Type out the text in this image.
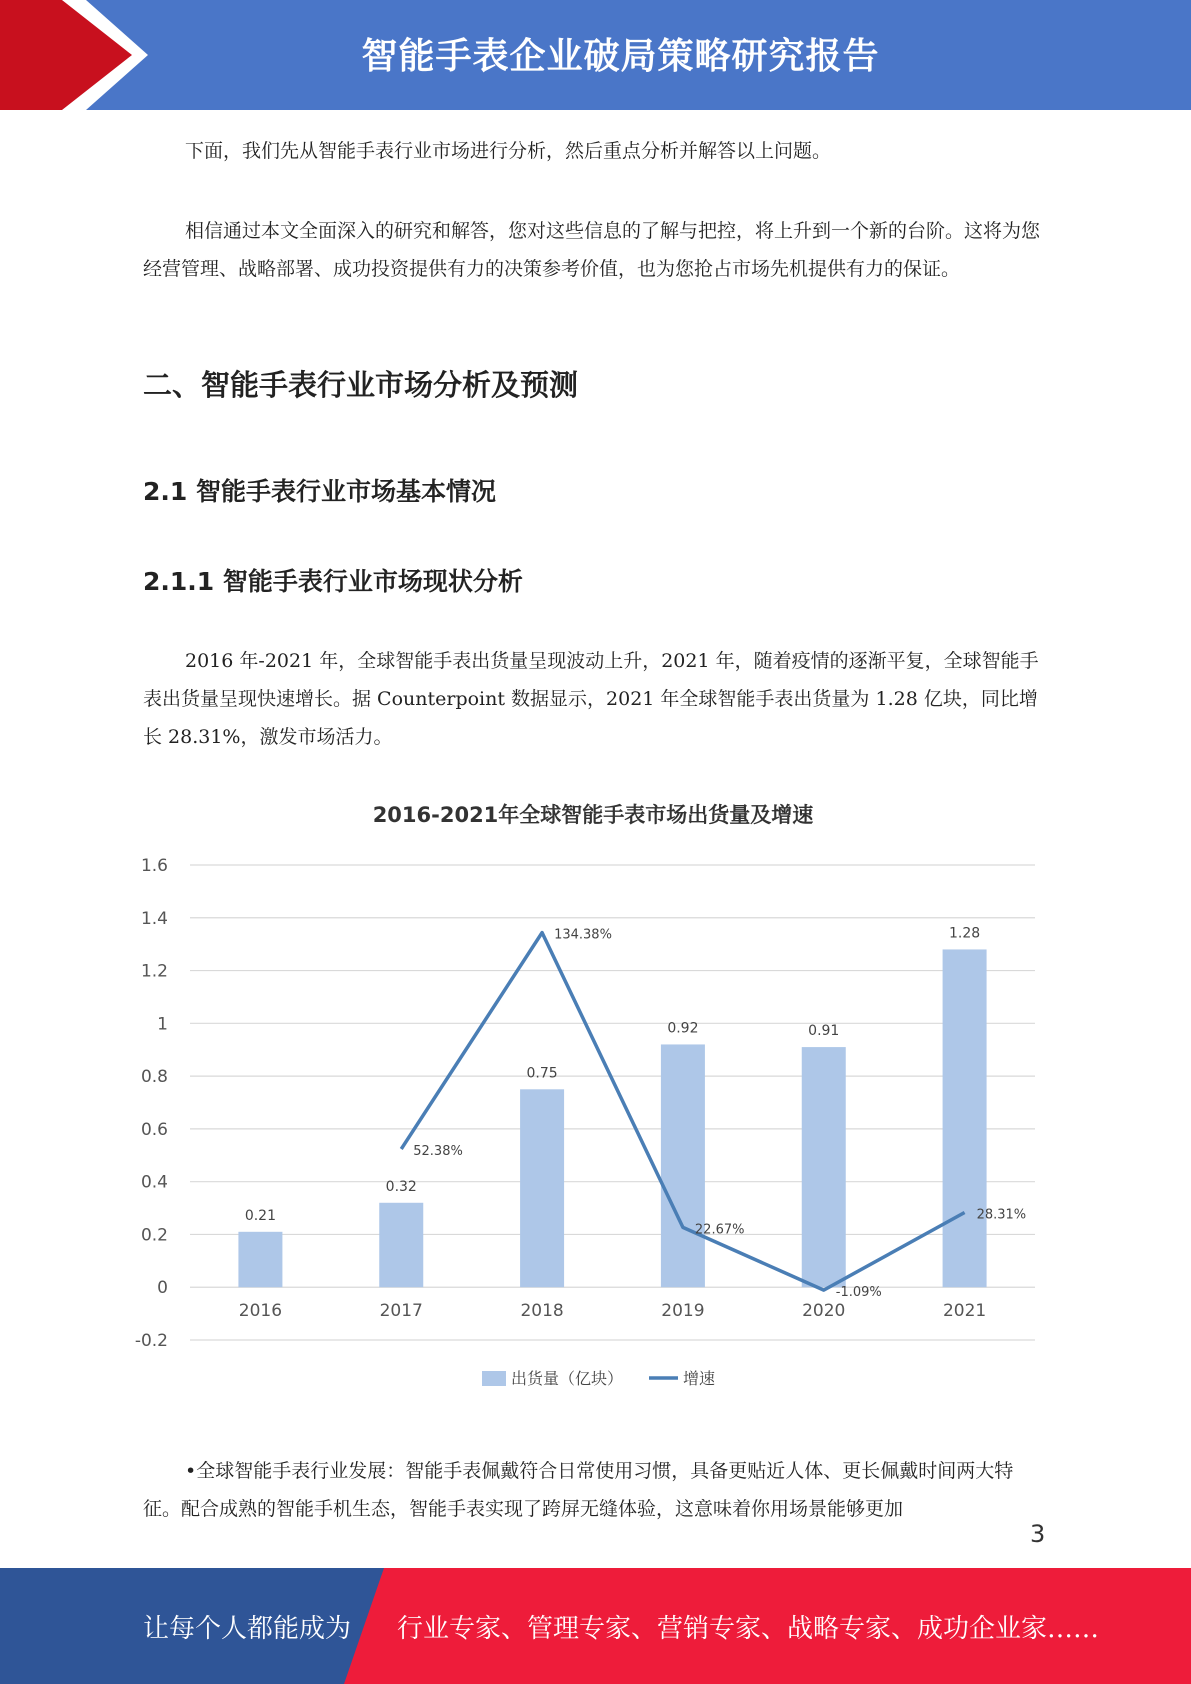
智能手表企业破局策略研究报告

下面，我们先从智能手表行业市场进行分析，然后重点分析并解答以上问题。

相信通过本文全面深入的研究和解答，您对这些信息的了解与把控，将上升到一个新的台阶。这将为您经营管理、战略部署、成功投资提供有力的决策参考价值，也为您抢占市场先机提供有力的保证。

二、智能手表行业市场分析及预测
2.1 智能手表行业市场基本情况
2.1.1 智能手表行业市场现状分析

2016 年-2021 年，全球智能手表出货量呈现波动上升，2021 年，随着疫情的逐渐平复，全球智能手表出货量呈现快速增长。据 Counterpoint 数据显示，2021 年全球智能手表出货量为 1.28 亿块，同比增长 28.31%，激发市场活力。

•全球智能手表行业发展：智能手表佩戴符合日常使用习惯，具备更贴近人体、更长佩戴时间两大特征。配合成熟的智能手机生态，智能手表实现了跨屏无缝体验，这意味着你用场景能够更加

2016-2021年全球智能手表市场出货量及增速
1.6
1.4
1.2
1
0.8
0.6
0.4
0.2
0
-0.2
0.21
0.32
0.75
0.92	0.91
1.28
2016	2017	2018	2019	2020	2021
52.38%
134.38%
22.67%
-1.09%
28.31%
出货量（亿块）	增速
3
让每个人都能成为 行业专家、管理专家、营销专家、战略专家、成功企业家……
